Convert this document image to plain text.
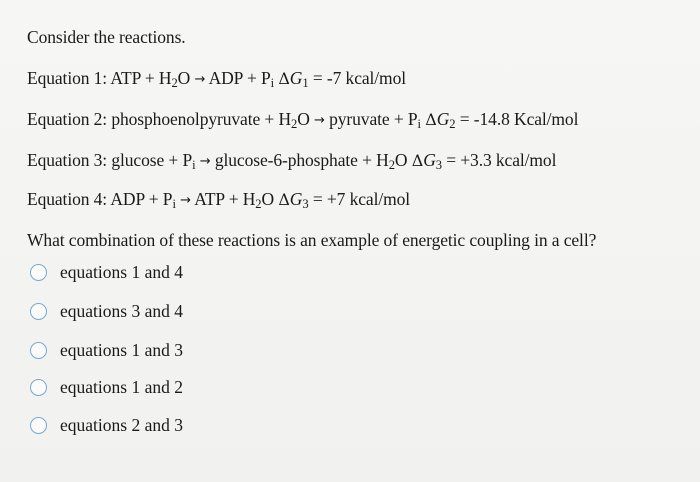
Consider the reactions.
Equation 1: ATP + $H_2O$ → ADP + $P_i$ $\Delta G_1 = -7$ kcal/mol
Equation 2: phosphoenolpyruvate + $H_2O$ → pyruvate + $P_i$ $\Delta G_2 = -14.8$ Kcal/mol
Equation 3: $glucose + P_i$ → glucose-6-phosphate + $H_2O$ $\Delta G_3 = +3.3$ kcal/mol
Equation 4: ADP + $P_i$ → ATP + $H_2O$ $\Delta G_3 = +7$ kcal/mol
What combination of these reactions is an example of energetic coupling in a cell?
equations 1 and 4
equations 3 and 4
equations 1 and 3
equations 1 and 2
equations 2 and 3
